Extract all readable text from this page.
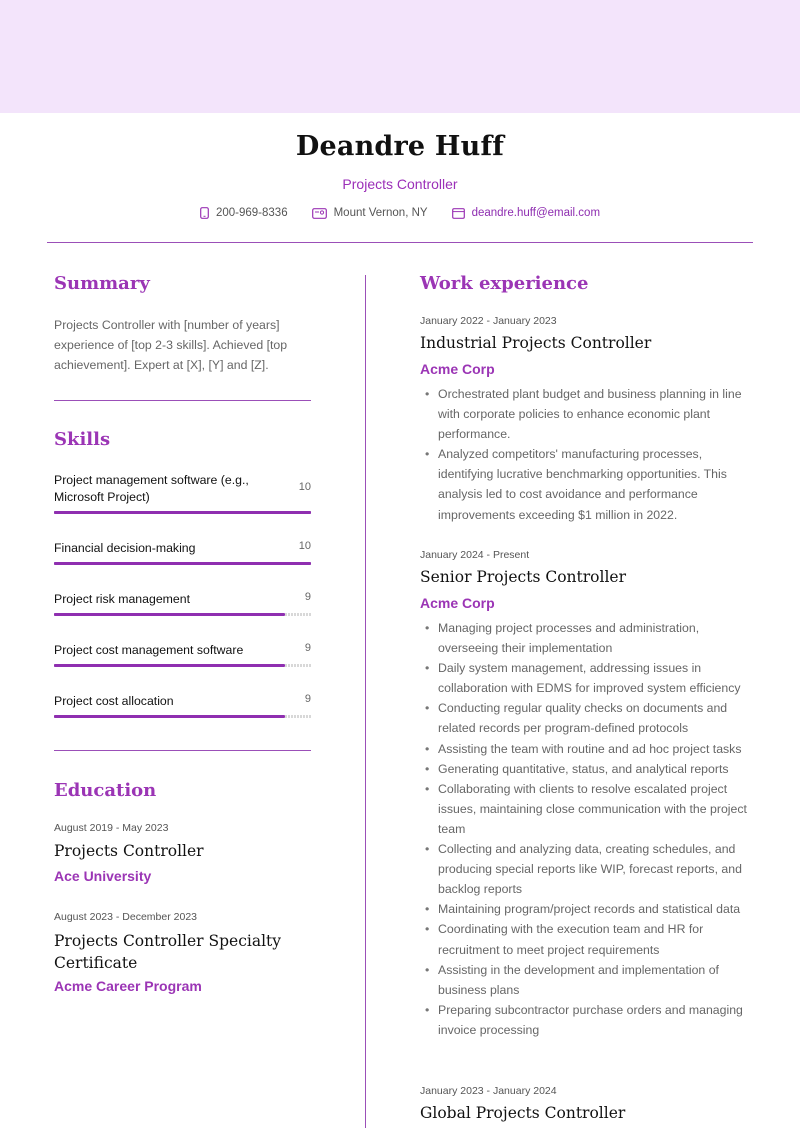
Deandre Huff
Projects Controller
200-969-8336	Mount Vernon, NY	deandre.huff@email.com
Summary
Projects Controller with [number of years] experience of [top 2-3 skills]. Achieved [top achievement]. Expert at [X], [Y] and [Z].
Skills
Project management software (e.g., Microsoft Project)
10
Financial decision-making	10
Project risk management	9
Project cost management software	9
Project cost allocation	9
Education
August 2019 - May 2023
Projects Controller
Ace University
August 2023 - December 2023
Projects Controller Specialty Certificate
Acme Career Program
Work experience
January 2022 - January 2023
Industrial Projects Controller
Acme Corp
• Orchestrated plant budget and business planning in line with corporate policies to enhance economic plant performance.
• Analyzed competitors' manufacturing processes, identifying lucrative benchmarking opportunities. This analysis led to cost avoidance and performance improvements exceeding $1 million in 2022.
January 2024 - Present
Senior Projects Controller
Acme Corp
• Managing project processes and administration, overseeing their implementation
• Daily system management, addressing issues in collaboration with EDMS for improved system efficiency
• Conducting regular quality checks on documents and related records per program-defined protocols
• Assisting the team with routine and ad hoc project tasks
• Generating quantitative, status, and analytical reports
• Collaborating with clients to resolve escalated project issues, maintaining close communication with the project team
• Collecting and analyzing data, creating schedules, and producing special reports like WIP, forecast reports, and backlog reports
• Maintaining program/project records and statistical data
• Coordinating with the execution team and HR for recruitment to meet project requirements
• Assisting in the development and implementation of business plans
• Preparing subcontractor purchase orders and managing invoice processing
January 2023 - January 2024
Global Projects Controller
